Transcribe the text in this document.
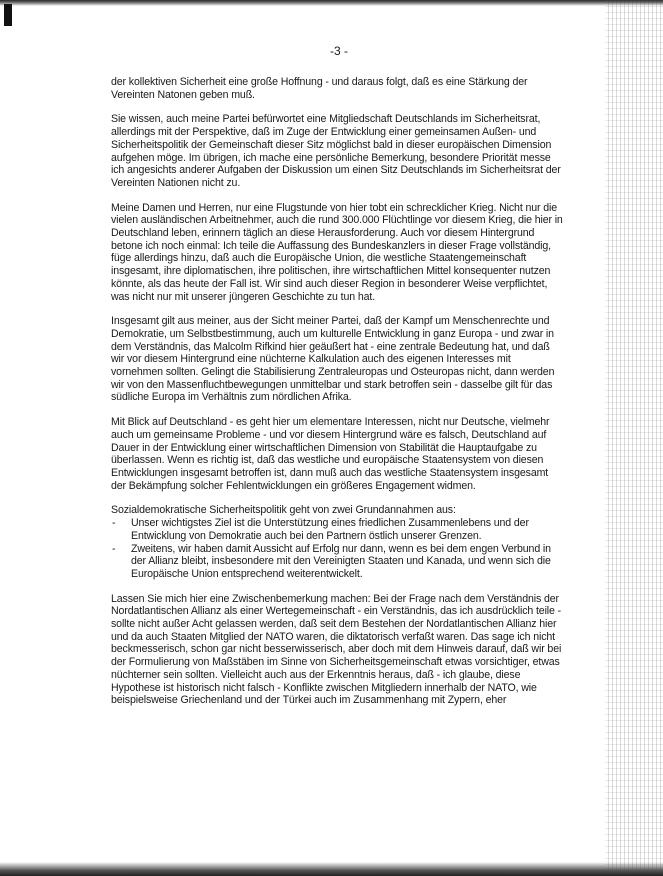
-3 -

der kollektiven Sicherheit eine große Hoffnung - und daraus folgt, daß es eine Stärkung der Vereinten Natonen geben muß.

Sie wissen, auch meine Partei befürwortet eine Mitgliedschaft Deutschlands im Sicherheitsrat, allerdings mit der Perspektive, daß im Zuge der Entwicklung einer gemeinsamen Außen- und Sicherheitspolitik der Gemeinschaft dieser Sitz möglichst bald in dieser europäischen Dimension aufgehen möge. Im übrigen, ich mache eine persönliche Bemerkung, besondere Priorität messe ich angesichts anderer Aufgaben der Diskussion um einen Sitz Deutschlands im Sicherheitsrat der Vereinten Nationen nicht zu.

Meine Damen und Herren, nur eine Flugstunde von hier tobt ein schrecklicher Krieg. Nicht nur die vielen ausländischen Arbeitnehmer, auch die rund 300.000 Flüchtlinge vor diesem Krieg, die hier in Deutschland leben, erinnern täglich an diese Herausforderung. Auch vor diesem Hintergrund betone ich noch einmal: Ich teile die Auffassung des Bundeskanzlers in dieser Frage vollständig, füge allerdings hinzu, daß auch die Europäische Union, die westliche Staatengemeinschaft insgesamt, ihre diplomatischen, ihre politischen, ihre wirtschaftlichen Mittel konsequenter nutzen könnte, als das heute der Fall ist. Wir sind auch dieser Region in besonderer Weise verpflichtet, was nicht nur mit unserer jüngeren Geschichte zu tun hat.

Insgesamt gilt aus meiner, aus der Sicht meiner Partei, daß der Kampf um Menschenrechte und Demokratie, um Selbstbestimmung, auch um kulturelle Entwicklung in ganz Europa - und zwar in dem Verständnis, das Malcolm Rifkind hier geäußert hat - eine zentrale Bedeutung hat, und daß wir vor diesem Hintergrund eine nüchterne Kalkulation auch des eigenen Interesses mit vornehmen sollten. Gelingt die Stabilisierung Zentraleuropas und Osteuropas nicht, dann werden wir von den Massenfluchtbewegungen unmittelbar und stark betroffen sein - dasselbe gilt für das südliche Europa im Verhältnis zum nördlichen Afrika.

Mit Blick auf Deutschland - es geht hier um elementare Interessen, nicht nur Deutsche, vielmehr auch um gemeinsame Probleme - und vor diesem Hintergrund wäre es falsch, Deutschland auf Dauer in der Entwicklung einer wirtschaftlichen Dimension von Stabilität die Hauptaufgabe zu überlassen. Wenn es richtig ist, daß das westliche und europäische Staatensystem von diesen Entwicklungen insgesamt betroffen ist, dann muß auch das westliche Staatensystem insgesamt der Bekämpfung solcher Fehlentwicklungen ein größeres Engagement widmen.

Sozialdemokratische Sicherheitspolitik geht von zwei Grundannahmen aus:

- Unser wichtigstes Ziel ist die Unterstützung eines friedlichen Zusammenlebens und der Entwicklung von Demokratie auch bei den Partnern östlich unserer Grenzen.
- Zweitens, wir haben damit Aussicht auf Erfolg nur dann, wenn es bei dem engen Verbund in der Allianz bleibt, insbesondere mit den Vereinigten Staaten und Kanada, und wenn sich die Europäische Union entsprechend weiterentwickelt.

Lassen Sie mich hier eine Zwischenbemerkung machen: Bei der Frage nach dem Verständnis der Nordatlantischen Allianz als einer Wertegemeinschaft - ein Verständnis, das ich ausdrücklich teile - sollte nicht außer Acht gelassen werden, daß seit dem Bestehen der Nordatlantischen Allianz hier und da auch Staaten Mitglied der NATO waren, die diktatorisch verfaßt waren. Das sage ich nicht beckmesserisch, schon gar nicht besserwisserisch, aber doch mit dem Hinweis darauf, daß wir bei der Formulierung von Maßstäben im Sinne von Sicherheitsgemeinschaft etwas vorsichtiger, etwas nüchterner sein sollten. Vielleicht auch aus der Erkenntnis heraus, daß - ich glaube, diese Hypothese ist historisch nicht falsch - Konflikte zwischen Mitgliedern innerhalb der NATO, wie beispielsweise Griechenland und der Türkei auch im Zusammenhang mit Zypern, eher
